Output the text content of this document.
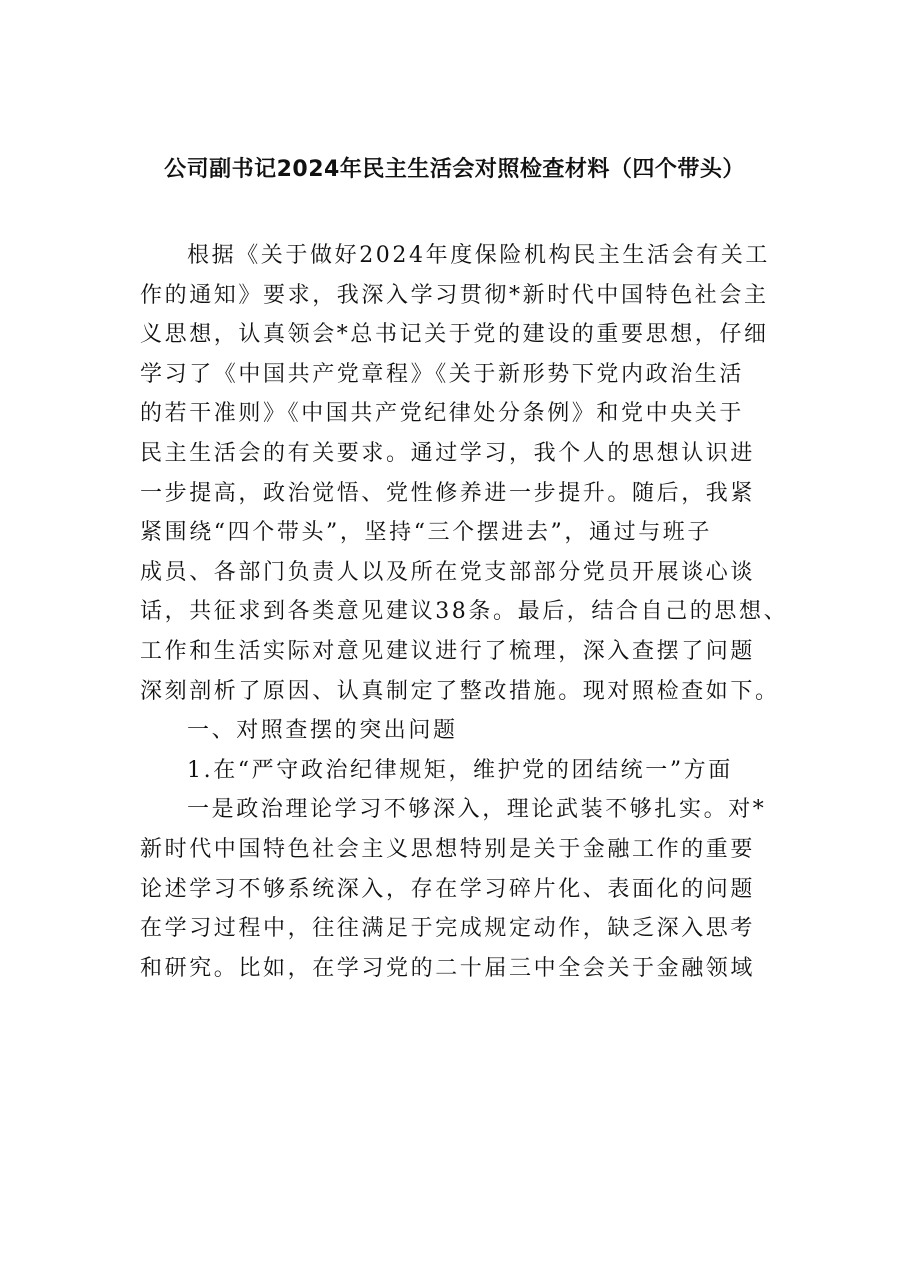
公司副书记2024年民主生活会对照检查材料（四个带头）
根据《关于做好2024年度保险机构民主生活会有关工
作的通知》要求，我深入学习贯彻*新时代中国特色社会主
义思想，认真领会*总书记关于党的建设的重要思想，仔细
学习了《中国共产党章程》《关于新形势下党内政治生活
的若干准则》《中国共产党纪律处分条例》和党中央关于
民主生活会的有关要求。通过学习，我个人的思想认识进
一步提高，政治觉悟、党性修养进一步提升。随后，我紧
紧围绕“四个带头”，坚持“三个摆进去”，通过与班子
成员、各部门负责人以及所在党支部部分党员开展谈心谈
话，共征求到各类意见建议38条。最后，结合自己的思想、
工作和生活实际对意见建议进行了梳理，深入查摆了问题
深刻剖析了原因、认真制定了整改措施。现对照检查如下。
一、对照查摆的突出问题
1.在“严守政治纪律规矩，维护党的团结统一”方面
一是政治理论学习不够深入，理论武装不够扎实。对*
新时代中国特色社会主义思想特别是关于金融工作的重要
论述学习不够系统深入，存在学习碎片化、表面化的问题
在学习过程中，往往满足于完成规定动作，缺乏深入思考
和研究。比如，在学习党的二十届三中全会关于金融领域
